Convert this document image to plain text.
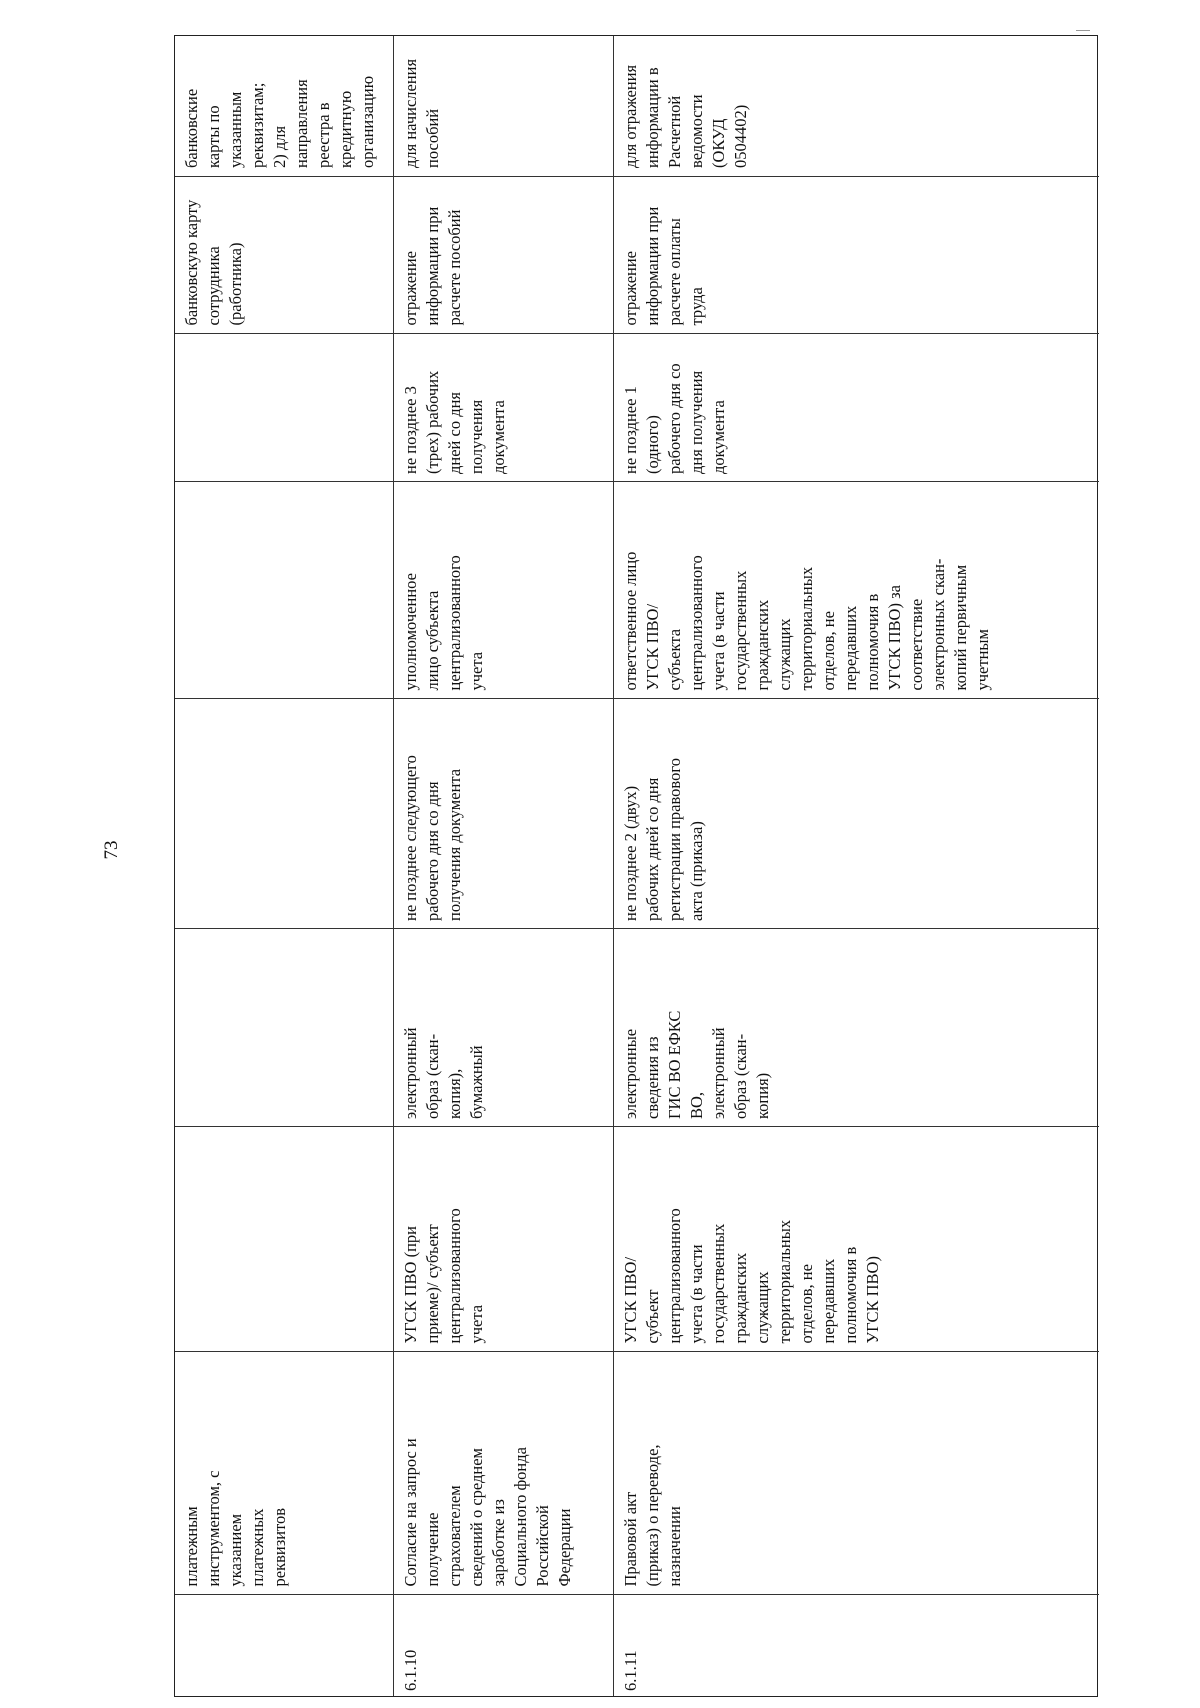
73
платежным
инструментом, с
указанием
платежных
реквизитов
банковскую карту
сотрудника
(работника)
банковские
карты по
указанным
реквизитам;
2) для
направления
реестра в
кредитную
организацию
6.1.10
Согласие на запрос и
получение
страхователем
сведений о среднем
заработке из
Социального фонда
Российской
Федерации
УГСК ПВО (при
приеме)/ субъект
централизованного
учета
электронный
образ (скан-
копия),
бумажный
не позднее следующего
рабочего дня со дня
получения документа
уполномоченное
лицо субъекта
централизованного
учета
не позднее 3
(трех) рабочих
дней со дня
получения
документа
отражение
информации при
расчете пособий
для начисления
пособий
6.1.11
Правовой акт
(приказ) о переводе,
назначении
УГСК ПВО/
субъект
централизованного
учета (в части
государственных
гражданских
служащих
территориальных
отделов, не
передавших
полномочия в
УГСК ПВО)
электронные
сведения из
ГИС ВО ЕФКС
ВО,
электронный
образ (скан-
копия)
не позднее 2 (двух)
рабочих дней со дня
регистрации правового
акта (приказа)
ответственное лицо
УГСК ПВО/
субъекта
централизованного
учета (в части
государственных
гражданских
служащих
территориальных
отделов, не
передавших
полномочия в
УГСК ПВО) за
соответствие
электронных скан-
копий первичным
учетным
не позднее 1
(одного)
рабочего дня со
дня получения
документа
отражение
информации при
расчете оплаты
труда
для отражения
информации в
Расчетной
ведомости
(ОКУД
0504402)
